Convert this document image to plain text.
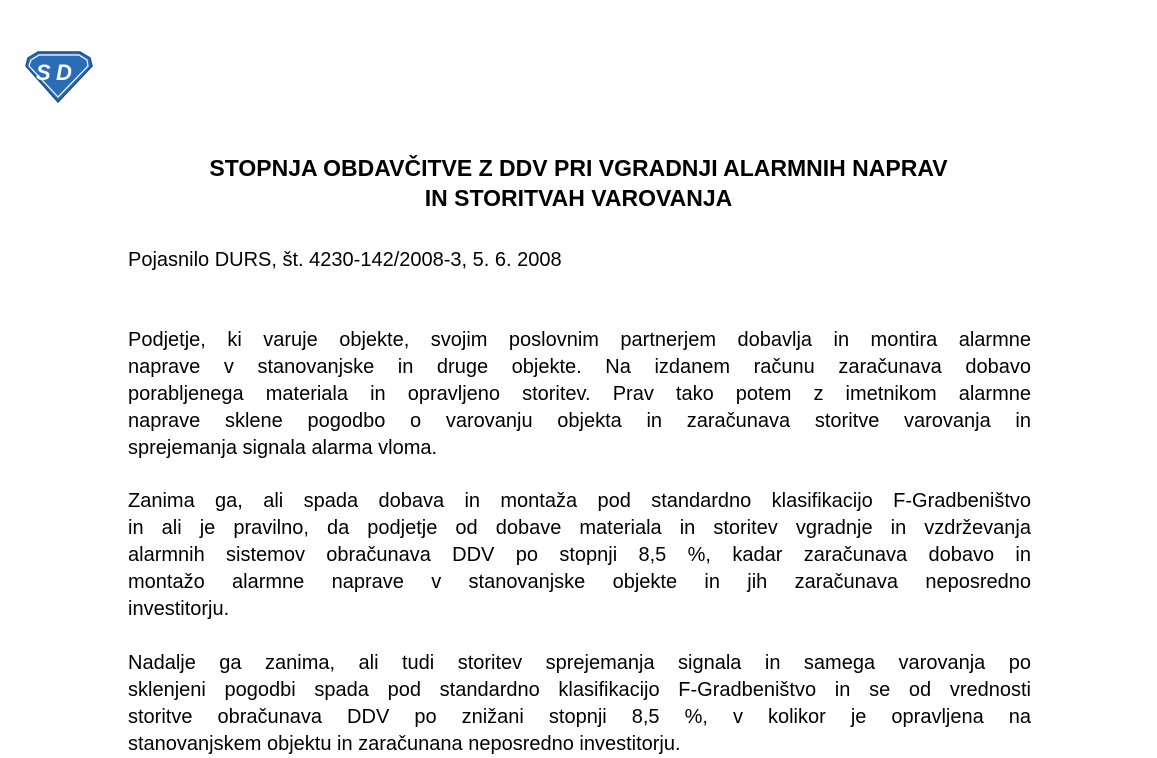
S D
STOPNJA OBDAVČITVE Z DDV PRI VGRADNJI ALARMNIH NAPRAV
IN STORITVAH VAROVANJA

Pojasnilo DURS, št. 4230-142/2008-3, 5. 6. 2008

Podjetje, ki varuje objekte, svojim poslovnim partnerjem dobavlja in montira alarmne
naprave v stanovanjske in druge objekte. Na izdanem računu zaračunava dobavo
porabljenega materiala in opravljeno storitev. Prav tako potem z imetnikom alarmne
naprave sklene pogodbo o varovanju objekta in zaračunava storitve varovanja in
sprejemanja signala alarma vloma.

Zanima ga, ali spada dobava in montaža pod standardno klasifikacijo F-Gradbeništvo
in ali je pravilno, da podjetje od dobave materiala in storitev vgradnje in vzdrževanja
alarmnih sistemov obračunava DDV po stopnji 8,5 %, kadar zaračunava dobavo in
montažo alarmne naprave v stanovanjske objekte in jih zaračunava neposredno
investitorju.

Nadalje ga zanima, ali tudi storitev sprejemanja signala in samega varovanja po
sklenjeni pogodbi spada pod standardno klasifikacijo F-Gradbeništvo in se od vrednosti
storitve obračunava DDV po znižani stopnji 8,5 %, v kolikor je opravljena na
stanovanjskem objektu in zaračunana neposredno investitorju.
